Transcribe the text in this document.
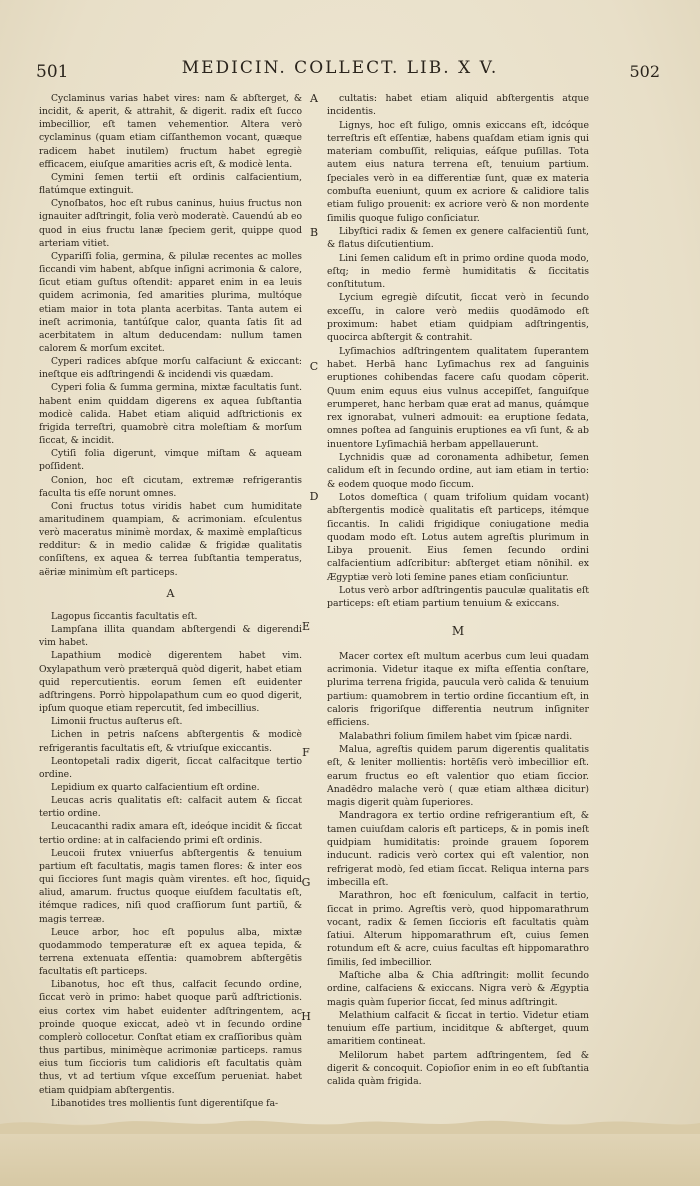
501	MEDICIN. COLLECT. LIB. X V.	502

Cyclaminus varias habet vires: nam & abſterget, & incidit, & aperit, & attrahit, & digerit. radix eſt ſucco imbecillior, eſt tamen vehementior. Altera verò cyclaminus (quam etiam ciſſanthemon vocant, quæque radicem habet inutilem) fructum habet egregiè efficacem, eiuſque amarities acris eſt, & modicè lenta.

Cymini ſemen tertii eſt ordinis calfacientium, flatúmque extinguit.

Cynoſbatos, hoc eſt rubus caninus, huius fructus non ignauiter adſtringit, folia verò moderatè. Cauendú ab eo quod in eius fructu lanæ ſpeciem gerit, quippe quod arteriam vitiet.

Cypariſſi folia, germina, & pilulæ recentes ac molles ſiccandi vim habent, abſque inſigni acrimonia & calore, ſicut etiam guſtus oſtendit: apparet enim in ea leuis quidem acrimonia, ſed amarities plurima, multóque etiam maior in tota planta acerbitas. Tanta autem ei ineſt acrimonia, tantúſque calor, quanta ſatis ſit ad acerbitatem in altum deducendam: nullum tamen calorem & morſum excitet.

Cyperi radices abſque morſu calfaciunt & exiccant: ineſtque eis adſtringendi & incidendi vis quædam.

Cyperi folia & ſumma germina, mixtæ facultatis ſunt. habent enim quiddam digerens ex aquea ſubſtantia modicè calida. Habet etiam aliquid adſtrictionis ex frigida terreſtri, quamobrè citra moleſtiam & morſum ſiccat, & incidit.

Cytiſi folia digerunt, vimque miſtam & aqueam poſſident.

Conion, hoc eſt cicutam, extremæ refrigerantis faculta tis eſſe norunt omnes.

Coni fructus totus viridis habet cum humiditate amaritudinem quampiam, & acrimoniam. eſculentus verò maceratus minimè mordax, & maximè emplaſticus redditur: & in medio calidæ & frigidæ qualitatis conſiſtens, ex aquea & terrea ſubſtantia temperatus, aëriæ minimùm eſt particeps.

A

Lagopus ſiccantis facultatis eſt.

Lampſana illita quandam abſtergendi & digerendi vim habet.

Lapathium modicè digerentem habet vim. Oxylapathum verò præterquā quòd digerit, habet etiam quid repercutientis. eorum ſemen eſt euidenter adſtringens. Porrò hippolapathum cum eo quod digerit, ipſum quoque etiam repercutit, ſed imbecillius.

Limonii fructus auſterus eſt.

Lichen in petris naſcens abſtergentis & modicè refrigerantis facultatis eſt, & vtriuſque exiccantis.

Leontopetali radix digerit, ſiccat calfacitque tertio ordine.

Lepidium ex quarto calfacientium eſt ordine.

Leucas acris qualitatis eſt: calfacit autem & ſiccat tertio ordine.

Leucacanthi radix amara eſt, ideóque incidit & ſiccat tertio ordine: at in calfaciendo primi eſt ordinis.

Leucoii frutex vniuerſus abſtergentis & tenuium partium eſt facultatis, magis tamen flores: & inter eos qui ſicciores ſunt magis quàm virentes. eſt hoc, ſiquid aliud, amarum. fructus quoque eiuſdem facultatis eſt, itémque radices, niſi quod craſſiorum ſunt partiũ, & magis terreæ.

Leuce arbor, hoc eſt populus alba, mixtæ quodammodo temperaturæ eſt ex aquea tepida, & terrena extenuata eſſentia: quamobrem abſtergētis facultatis eſt particeps.

Libanotus, hoc eſt thus, calfacit ſecundo ordine, ſiccat verò in primo: habet quoque parũ adſtrictionis. eius cortex vim habet euidenter adſtringentem, ac proinde quoque exiccat, adeò vt in ſecundo ordine complerò collocetur. Conſtat etiam ex craſſioribus quàm thus partibus, minimèque acrimoniæ particeps. ramus eius tum ſiccioris tum calidioris eſt facultatis quàm thus, vt ad tertium vſque exceſſum perueniat. habet etiam quidpiam abſtergentis.

Libanotides tres mollientis ſunt digerentiſque fa-

cultatis: habet etiam aliquid abſtergentis atque incidentis.

Lignys, hoc eſt fuligo, omnis exiccans eſt, idcóque terreſtris eſt eſſentiæ, habens quaſdam etiam ignis qui materiam combuſſit, reliquias, eáſque puſillas. Tota autem eius natura terrena eſt, tenuium partium. ſpeciales verò in ea differentiæ ſunt, quæ ex materia combuſta eueniunt, quum ex acriore & calidiore talis etiam fuligo prouenit: ex acriore verò & non mordente ſimilis quoque fuligo conſiciatur.

Libyſtici radix & ſemen ex genere calfacientiũ ſunt, & flatus diſcutientium.

Lini ſemen calidum eſt in primo ordine quoda modo, eſtq; in medio fermè humiditatis & ſiccitatis conſtitutum.

Lycium egregiè diſcutit, ſiccat verò in ſecundo exceſſu, in calore verò mediis quodāmodo eſt proximum: habet etiam quidpiam adſtringentis, quocirca abſtergit & contrahit.

Lyſimachios adſtringentem qualitatem ſuperantem habet. Herbā hanc Lyſimachus rex ad ſanguinis eruptiones cohibendas facere caſu quodam cōperit. Quum enim equus eius vulnus accepiſſet, ſanguiſque erumperet, hanc herbam quæ erat ad manus, quámque rex ignorabat, vulneri admouit: ea eruptione ſedata, omnes poſtea ad ſanguinis eruptiones ea vſi ſunt, & ab inuentore Lyſimachiā herbam appellauerunt.

Lychnidis quæ ad coronamenta adhibetur, ſemen calidum eſt in ſecundo ordine, aut iam etiam in tertio: & eodem quoque modo ſiccum.

Lotos domeſtica ( quam trifolium quidam vocant) abſtergentis modicè qualitatis eſt particeps, itémque ſiccantis. In calidi frigidique coniugatione media quodam modo eſt. Lotus autem agreſtis plurimum in Libya prouenit. Eius ſemen ſecundo ordini calfacientium adſcribitur: abſterget etiam nōnihil. ex Ægyptiæ verò loti ſemine panes etiam conſiciuntur.

Lotus verò arbor adſtringentis pauculæ qualitatis eſt particeps: eſt etiam partium tenuium & exiccans.

M

Macer cortex eſt multum acerbus cum leui quadam acrimonia. Videtur itaque ex miſta eſſentia conſtare, plurima terrena frigida, paucula verò calida & tenuium partium: quamobrem in tertio ordine ſiccantium eſt, in caloris frigoriſque differentia neutrum inſigniter efficiens.

Malabathri folium ſimilem habet vim ſpicæ nardi.

Malua, agreſtis quidem parum digerentis qualitatis eſt, & leniter mollientis: hortēſis verò imbecillior eſt. earum fructus eo eſt valentior quo etiam ſiccior. Anadēdro malache verò ( quæ etiam althæa dicitur) magis digerit quàm ſuperiores.

Mandragora ex tertio ordine refrigerantium eſt, & tamen cuiuſdam caloris eſt particeps, & in pomis ineſt quidpiam humiditatis: proinde grauem ſoporem inducunt. radicis verò cortex qui eſt valentior, non refrigerat modò, ſed etiam ſiccat. Reliqua interna pars imbecilla eſt.

Marathron, hoc eſt fœniculum, calfacit in tertio, ſiccat in primo. Agreſtis verò, quod hippomarathrum vocant, radix & ſemen ſiccioris eſt facultatis quàm ſatiui. Alterum hippomarathrum eſt, cuius ſemen rotundum eſt & acre, cuius facultas eſt hippomarathro ſimilis, ſed imbecillior.

Maſtiche alba & Chia adſtringit: mollit ſecundo ordine, calfaciens & exiccans. Nigra verò & Ægyptia magis quàm ſuperior ſiccat, ſed minus adſtringit.

Melathium calfacit & ſiccat in tertio. Videtur etiam tenuium eſſe partium, inciditque & abſterget, quum amaritiem contineat.

Melilorum habet partem adſtringentem, ſed & digerit & concoquit. Copioſior enim in eo eſt ſubſtantia calida quàm frigida.

A
B
C
D
E
F
G
H
